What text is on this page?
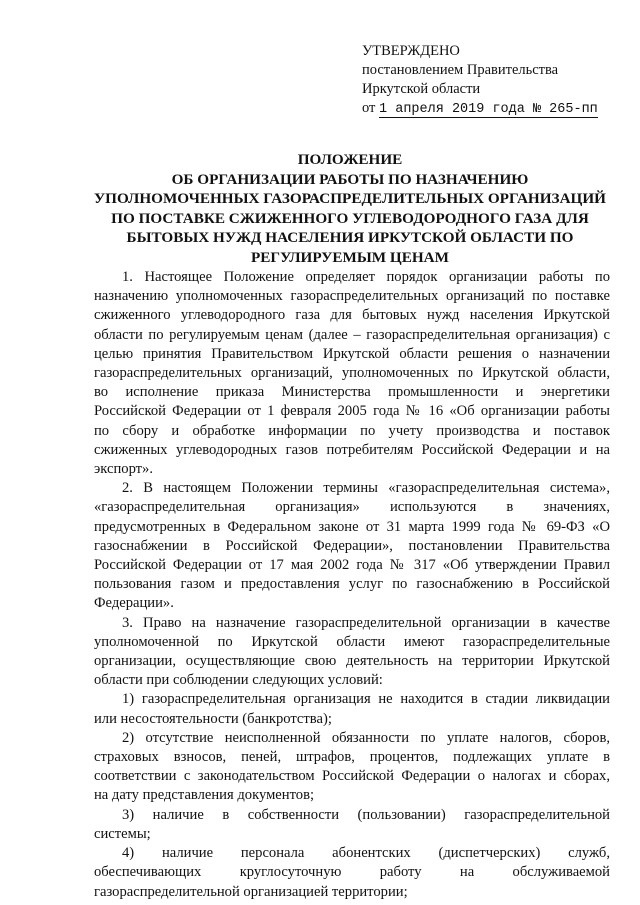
УТВЕРЖДЕНО
постановлением Правительства
Иркутской области
от 1 апреля 2019 года № 265-пп
ПОЛОЖЕНИЕ
ОБ ОРГАНИЗАЦИИ РАБОТЫ ПО НАЗНАЧЕНИЮ
УПОЛНОМОЧЕННЫХ ГАЗОРАСПРЕДЕЛИТЕЛЬНЫХ ОРГАНИЗАЦИЙ
ПО ПОСТАВКЕ СЖИЖЕННОГО УГЛЕВОДОРОДНОГО ГАЗА ДЛЯ
БЫТОВЫХ НУЖД НАСЕЛЕНИЯ ИРКУТСКОЙ ОБЛАСТИ ПО
РЕГУЛИРУЕМЫМ ЦЕНАМ
1. Настоящее Положение определяет порядок организации работы по
назначению уполномоченных газораспределительных организаций по поставке
сжиженного углеводородного газа для бытовых нужд населения Иркутской
области по регулируемым ценам (далее – газораспределительная организация) с
целью принятия Правительством Иркутской области решения о назначении
газораспределительных организаций, уполномоченных по Иркутской области,
во исполнение приказа Министерства промышленности и энергетики
Российской Федерации от 1 февраля 2005 года № 16 «Об организации работы
по сбору и обработке информации по учету производства и поставок
сжиженных углеводородных газов потребителям Российской Федерации и на
экспорт».
2. В настоящем Положении термины «газораспределительная система»,
«газораспределительная организация» используются в значениях,
предусмотренных в Федеральном законе от 31 марта 1999 года № 69-ФЗ «О
газоснабжении в Российской Федерации», постановлении Правительства
Российской Федерации от 17 мая 2002 года № 317 «Об утверждении Правил
пользования газом и предоставления услуг по газоснабжению в Российской
Федерации».
3. Право на назначение газораспределительной организации в качестве
уполномоченной по Иркутской области имеют газораспределительные
организации, осуществляющие свою деятельность на территории Иркутской
области при соблюдении следующих условий:
1) газораспределительная организация не находится в стадии ликвидации
или несостоятельности (банкротства);
2) отсутствие неисполненной обязанности по уплате налогов, сборов,
страховых взносов, пеней, штрафов, процентов, подлежащих уплате в
соответствии с законодательством Российской Федерации о налогах и сборах,
на дату представления документов;
3) наличие в собственности (пользовании) газораспределительной
системы;
4) наличие персонала абонентских (диспетчерских) служб,
обеспечивающих круглосуточную работу на обслуживаемой
газораспределительной организацией территории;
